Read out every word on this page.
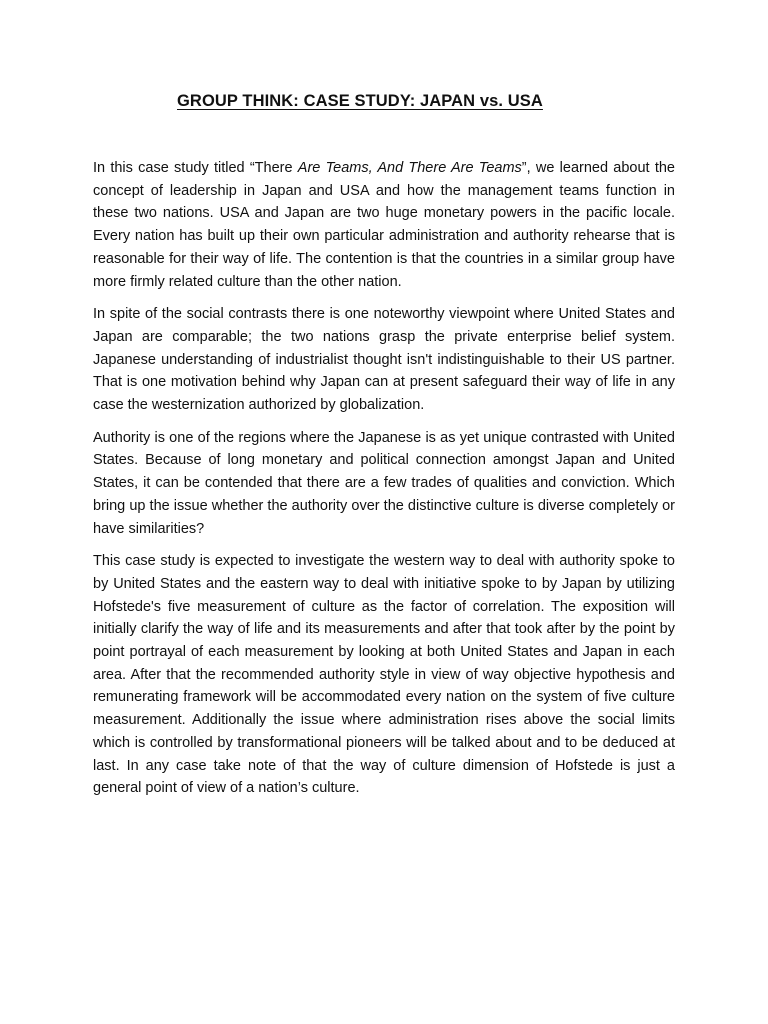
GROUP THINK: CASE STUDY: JAPAN vs. USA

In this case study titled “There Are Teams, And There Are Teams”, we learned about the concept of leadership in Japan and USA and how the management teams function in these two nations. USA and Japan are two huge monetary powers in the pacific locale. Every nation has built up their own particular administration and authority rehearse that is reasonable for their way of life. The contention is that the countries in a similar group have more firmly related culture than the other nation.

In spite of the social contrasts there is one noteworthy viewpoint where United States and Japan are comparable; the two nations grasp the private enterprise belief system. Japanese understanding of industrialist thought isn't indistinguishable to their US partner. That is one motivation behind why Japan can at present safeguard their way of life in any case the westernization authorized by globalization.

Authority is one of the regions where the Japanese is as yet unique contrasted with United States. Because of long monetary and political connection amongst Japan and United States, it can be contended that there are a few trades of qualities and conviction. Which bring up the issue whether the authority over the distinctive culture is diverse completely or have similarities?

This case study is expected to investigate the western way to deal with authority spoke to by United States and the eastern way to deal with initiative spoke to by Japan by utilizing Hofstede's five measurement of culture as the factor of correlation. The exposition will initially clarify the way of life and its measurements and after that took after by the point by point portrayal of each measurement by looking at both United States and Japan in each area. After that the recommended authority style in view of way objective hypothesis and remunerating framework will be accommodated every nation on the system of five culture measurement. Additionally the issue where administration rises above the social limits which is controlled by transformational pioneers will be talked about and to be deduced at last. In any case take note of that the way of culture dimension of Hofstede is just a general point of view of a nation’s culture.
